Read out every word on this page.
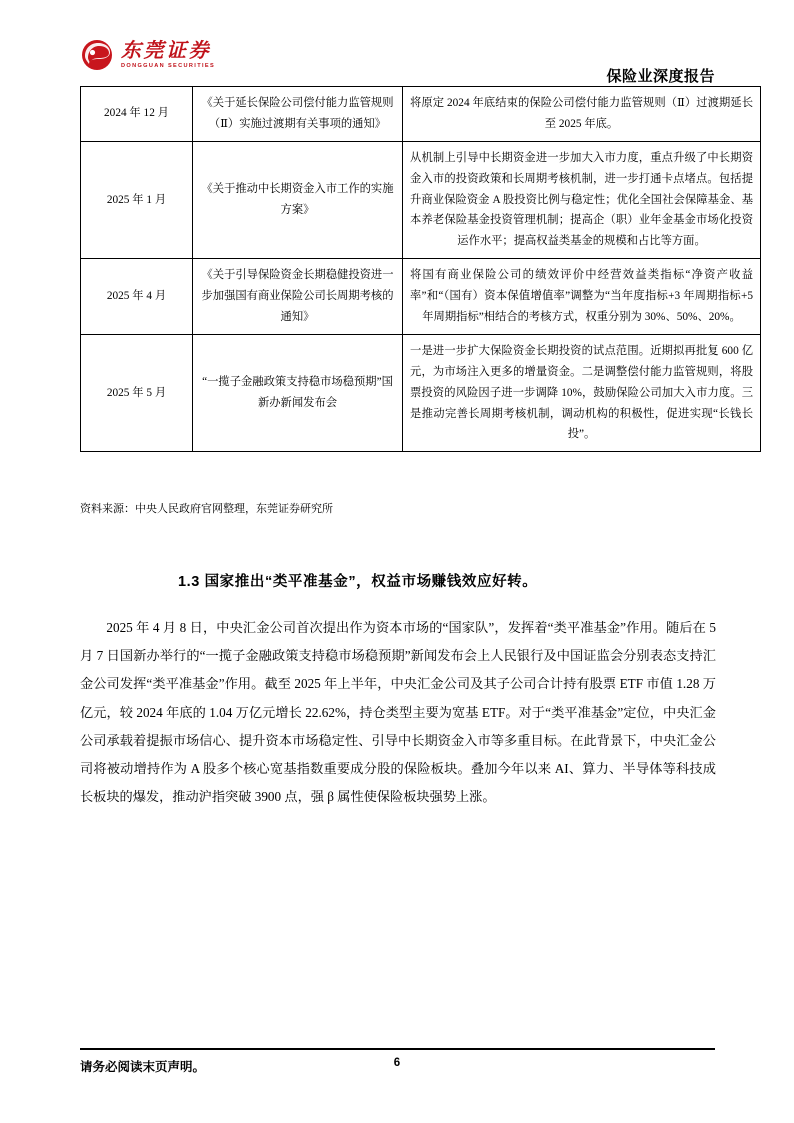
东莞证券
DONGGUAN SECURITIES
保险业深度报告
2024 年 12 月	《关于延长保险公司偿付能力监管规则（Ⅱ）实施过渡期有关事项的通知》	将原定 2024 年底结束的保险公司偿付能力监管规则（Ⅱ）过渡期延长至 2025 年底。
2025 年 1 月	《关于推动中长期资金入市工作的实施方案》	从机制上引导中长期资金进一步加大入市力度，重点升级了中长期资金入市的投资政策和长周期考核机制，进一步打通卡点堵点。包括提升商业保险资金 A 股投资比例与稳定性；优化全国社会保障基金、基本养老保险基金投资管理机制；提高企（职）业年金基金市场化投资运作水平；提高权益类基金的规模和占比等方面。
2025 年 4 月	《关于引导保险资金长期稳健投资进一步加强国有商业保险公司长周期考核的通知》	将国有商业保险公司的绩效评价中经营效益类指标“净资产收益率”和“（国有）资本保值增值率”调整为“当年度指标+3 年周期指标+5 年周期指标”相结合的考核方式，权重分别为 30%、50%、20%。
2025 年 5 月	“一揽子金融政策支持稳市场稳预期”国新办新闻发布会	一是进一步扩大保险资金长期投资的试点范围。近期拟再批复 600 亿元，为市场注入更多的增量资金。二是调整偿付能力监管规则，将股票投资的风险因子进一步调降 10%，鼓励保险公司加大入市力度。三是推动完善长周期考核机制，调动机构的积极性，促进实现“长钱长投”。
资料来源：中央人民政府官网整理，东莞证券研究所
1.3 国家推出“类平准基金”，权益市场赚钱效应好转。
2025 年 4 月 8 日，中央汇金公司首次提出作为资本市场的“国家队”，发挥着“类平准基金”作用。随后在 5 月 7 日国新办举行的“一揽子金融政策支持稳市场稳预期”新闻发布会上人民银行及中国证监会分别表态支持汇金公司发挥“类平准基金”作用。截至 2025 年上半年，中央汇金公司及其子公司合计持有股票 ETF 市值 1.28 万亿元，较 2024 年底的 1.04 万亿元增长 22.62%，持仓类型主要为宽基 ETF。对于“类平准基金”定位，中央汇金公司承载着提振市场信心、提升资本市场稳定性、引导中长期资金入市等多重目标。在此背景下，中央汇金公司将被动增持作为 A 股多个核心宽基指数重要成分股的保险板块。叠加今年以来 AI、算力、半导体等科技成长板块的爆发，推动沪指突破 3900 点，强 β 属性使保险板块强势上涨。
请务必阅读末页声明。	6
